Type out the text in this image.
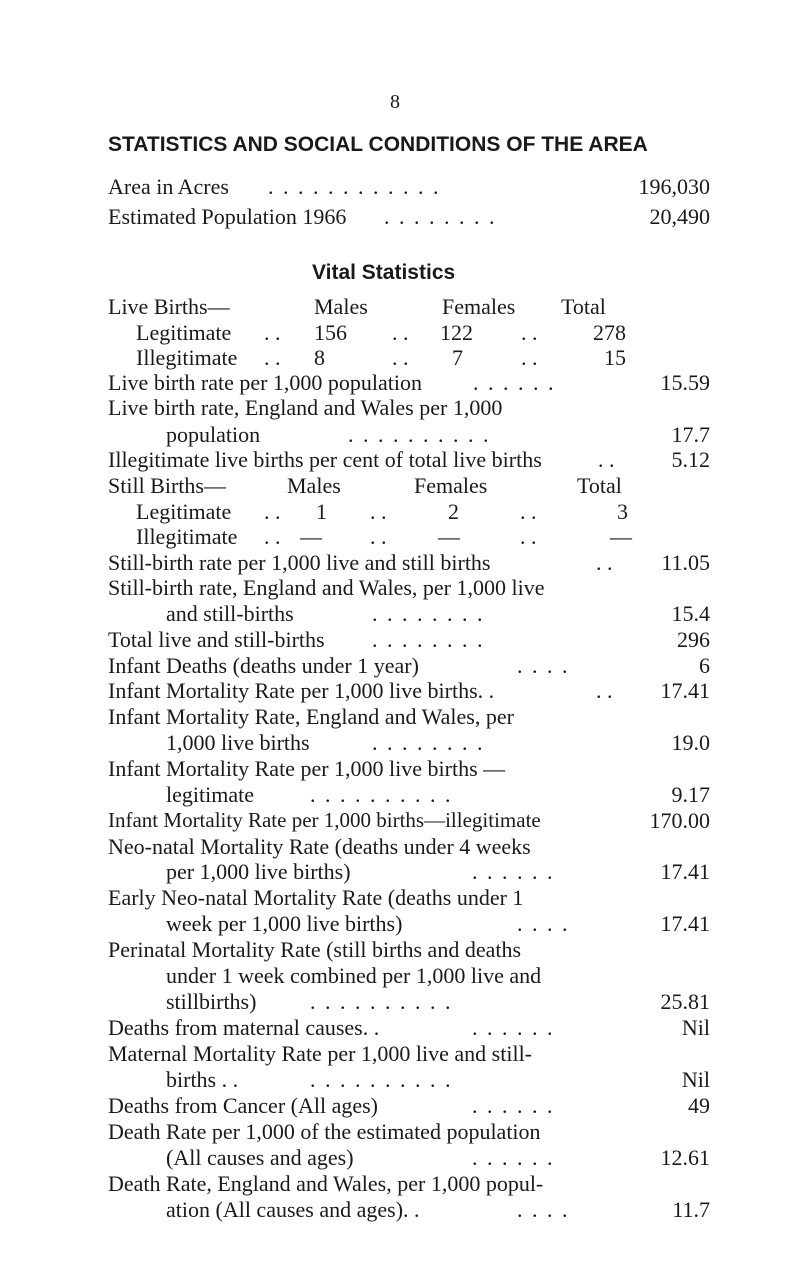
8
STATISTICS AND SOCIAL CONDITIONS OF THE AREA
Area in Acres . . . . . . . . . . . .	196,030
Estimated Population 1966 . . . . . . . .	20,490
Vital Statistics
Live Births—	Males	Females Total
Legitimate . . 156 . . 122 . .	278
Illegitimate . . 8	. . 7	. .	15
Live birth rate per 1,000 population . . . . . .	15.59
Live birth rate, England and Wales per 1,000
population	. . . . . . . . . .	17.7
Illegitimate live births per cent of total live births	. .	5.12
Still Births—	Males	Females	Total
Legitimate . . 1 . .	2	. .	3
Illegitimate . . — . . —	. .	—
Still-birth rate per 1,000 live and still births	. . 11.05
Still-birth rate, England and Wales, per 1,000 live
and still-births	. . . . . . . .	15.4
Total live and still-births . . . . . . . .	296
Infant Deaths (deaths under 1 year)	. . . .	6
Infant Mortality Rate per 1,000 live births. .	. . 17.41
Infant Mortality Rate, England and Wales, per
1,000 live births	. . . . . . . .	19.0
Infant Mortality Rate per 1,000 live births —
legitimate	. . . . . . . . . .	9.17
Infant Mortality Rate per 1,000 births—illegitimate	170.00
Neo-natal Mortality Rate (deaths under 4 weeks
per 1,000 live births)	. . . . . .	17.41
Early Neo-natal Mortality Rate (deaths under 1
week per 1,000 live births)	. . . .	17.41
Perinatal Mortality Rate (still births and deaths
under 1 week combined per 1,000 live and
stillbirths) . . . . . . . . . .	25.81
Deaths from maternal causes. .	. . . . . .	Nil
Maternal Mortality Rate per 1,000 live and still-
births . .	. . . . . . . . . .	Nil
Deaths from Cancer (All ages)	. . . . . .	49
Death Rate per 1,000 of the estimated population
(All causes and ages)	. . . . . .	12.61
Death Rate, England and Wales, per 1,000 popul-
ation (All causes and ages). .	. . . .	11.7
